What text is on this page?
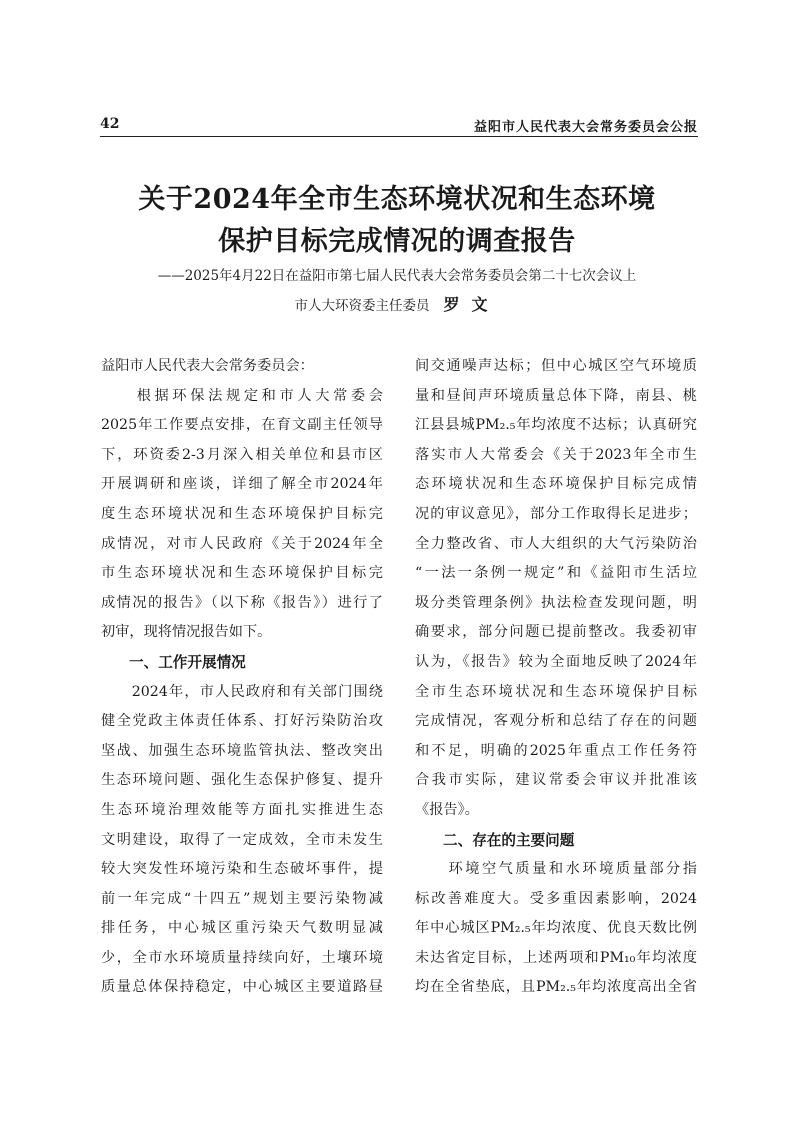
42	益阳市人民代表大会常务委员会公报
关于2024年全市生态环境状况和生态环境
保护目标完成情况的调查报告
——2025年4月22日在益阳市第七届人民代表大会常务委员会第二十七次会议上
市人大环资委主任委员 罗文
益阳市人民代表大会常务委员会：
　　根据环保法规定和市人大常委会
2025年工作要点安排，在育文副主任领导
下，环资委2-3月深入相关单位和县市区
开展调研和座谈，详细了解全市2024年
度生态环境状况和生态环境保护目标完
成情况，对市人民政府《关于2024年全
市生态环境状况和生态环境保护目标完
成情况的报告》（以下称《报告》）进行了
初审，现将情况报告如下。
一、工作开展情况
　　2024年，市人民政府和有关部门围绕
健全党政主体责任体系、打好污染防治攻
坚战、加强生态环境监管执法、整改突出
生态环境问题、强化生态保护修复、提升
生态环境治理效能等方面扎实推进生态
文明建设，取得了一定成效，全市未发生
较大突发性环境污染和生态破坏事件，提
前一年完成“十四五”规划主要污染物减
排任务，中心城区重污染天气数明显减
少，全市水环境质量持续向好，土壤环境
质量总体保持稳定，中心城区主要道路昼
间交通噪声达标；但中心城区空气环境质
量和昼间声环境质量总体下降，南县、桃
江县县城PM₂.₅年均浓度不达标；认真研究
落实市人大常委会《关于2023年全市生
态环境状况和生态环境保护目标完成情
况的审议意见》，部分工作取得长足进步；
全力整改省、市人大组织的大气污染防治
“一法一条例一规定”和《益阳市生活垃
圾分类管理条例》执法检查发现问题，明
确要求，部分问题已提前整改。我委初审
认为，《报告》较为全面地反映了2024年
全市生态环境状况和生态环境保护目标
完成情况，客观分析和总结了存在的问题
和不足，明确的2025年重点工作任务符
合我市实际，建议常委会审议并批准该
《报告》。
二、存在的主要问题
　　环境空气质量和水环境质量部分指
标改善难度大。受多重因素影响，2024
年中心城区PM₂.₅年均浓度、优良天数比例
未达省定目标，上述两项和PM₁₀年均浓度
均在全省垫底，且PM₂.₅年均浓度高出全省
